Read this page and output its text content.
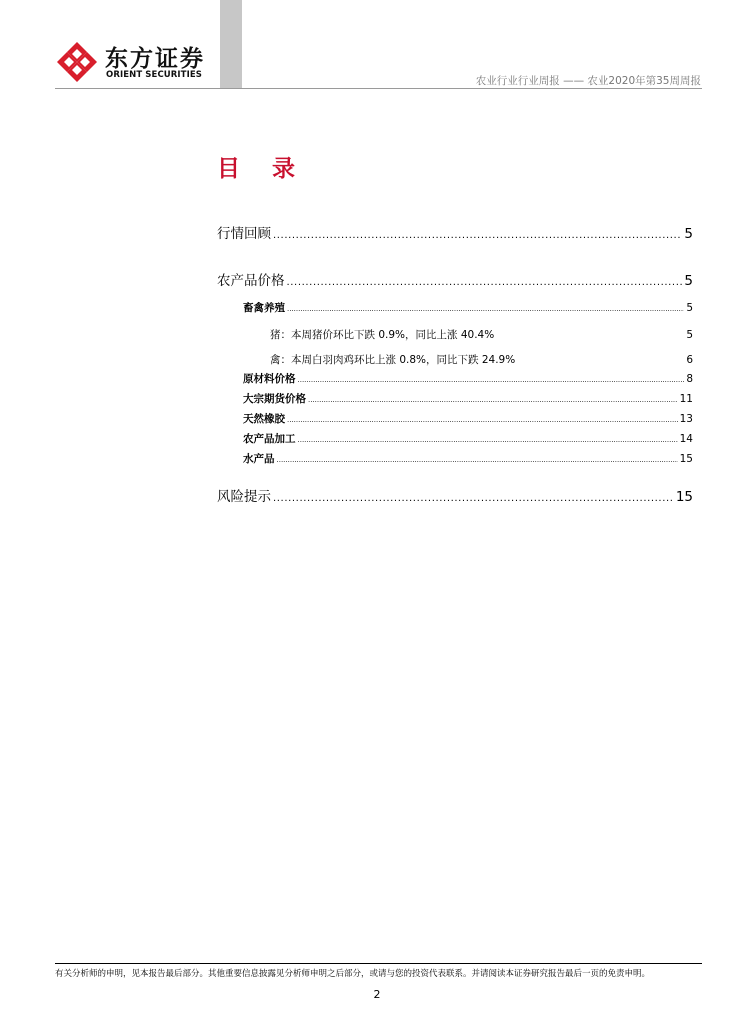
东方证券
ORIENT SECURITIES	农业行业行业周报 —— 农业2020年第35周周报
目 录
行情回顾 .....	5
农产品价格 .....	5
畜禽养殖 .....	5
猪：本周猪价环比下跌 0.9%，同比上涨 40.4%	5
禽：本周白羽肉鸡环比上涨 0.8%，同比下跌 24.9%	6
原材料价格 .....	8
大宗期货价格 .....	11
天然橡胶 .....	13
农产品加工 .....	14
水产品 .....	15
风险提示 .....	15
有关分析师的申明，见本报告最后部分。其他重要信息披露见分析师申明之后部分，或请与您的投资代表联系。并请阅读本证券研究报告最后一页的免责申明。
2
